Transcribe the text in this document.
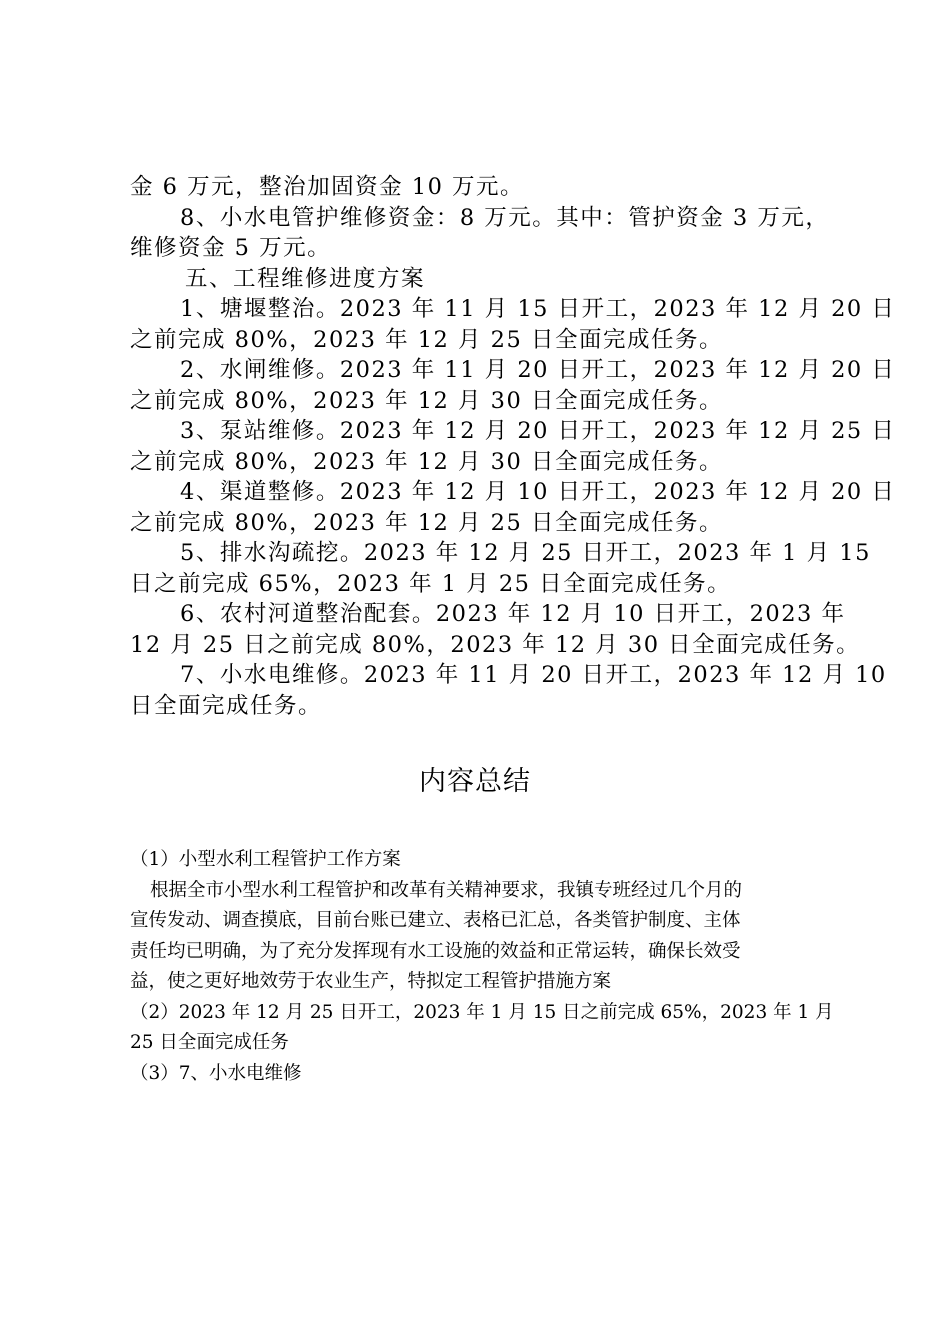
金 6 万元，整治加固资金 10 万元。

8、小水电管护维修资金：8 万元。其中：管护资金 3 万元，

维修资金 5 万元。

五、工程维修进度方案

1、塘堰整治。2023 年 11 月 15 日开工，2023 年 12 月 20 日

之前完成 80%，2023 年 12 月 25 日全面完成任务。

2、水闸维修。2023 年 11 月 20 日开工，2023 年 12 月 20 日

之前完成 80%，2023 年 12 月 30 日全面完成任务。

3、泵站维修。2023 年 12 月 20 日开工，2023 年 12 月 25 日

之前完成 80%，2023 年 12 月 30 日全面完成任务。

4、渠道整修。2023 年 12 月 10 日开工，2023 年 12 月 20 日

之前完成 80%，2023 年 12 月 25 日全面完成任务。

5、排水沟疏挖。2023 年 12 月 25 日开工，2023 年 1 月 15

日之前完成 65%，2023 年 1 月 25 日全面完成任务。

6、农村河道整治配套。2023 年 12 月 10 日开工，2023 年

12 月 25 日之前完成 80%，2023 年 12 月 30 日全面完成任务。

7、小水电维修。2023 年 11 月 20 日开工，2023 年 12 月 10

日全面完成任务。

内容总结

（1）小型水利工程管护工作方案

根据全市小型水利工程管护和改革有关精神要求，我镇专班经过几个月的

宣传发动、调查摸底，目前台账已建立、表格已汇总，各类管护制度、主体

责任均已明确，为了充分发挥现有水工设施的效益和正常运转，确保长效受

益，使之更好地效劳于农业生产，特拟定工程管护措施方案

（2）2023 年 12 月 25 日开工，2023 年 1 月 15 日之前完成 65%，2023 年 1 月

25 日全面完成任务

（3）7、小水电维修
